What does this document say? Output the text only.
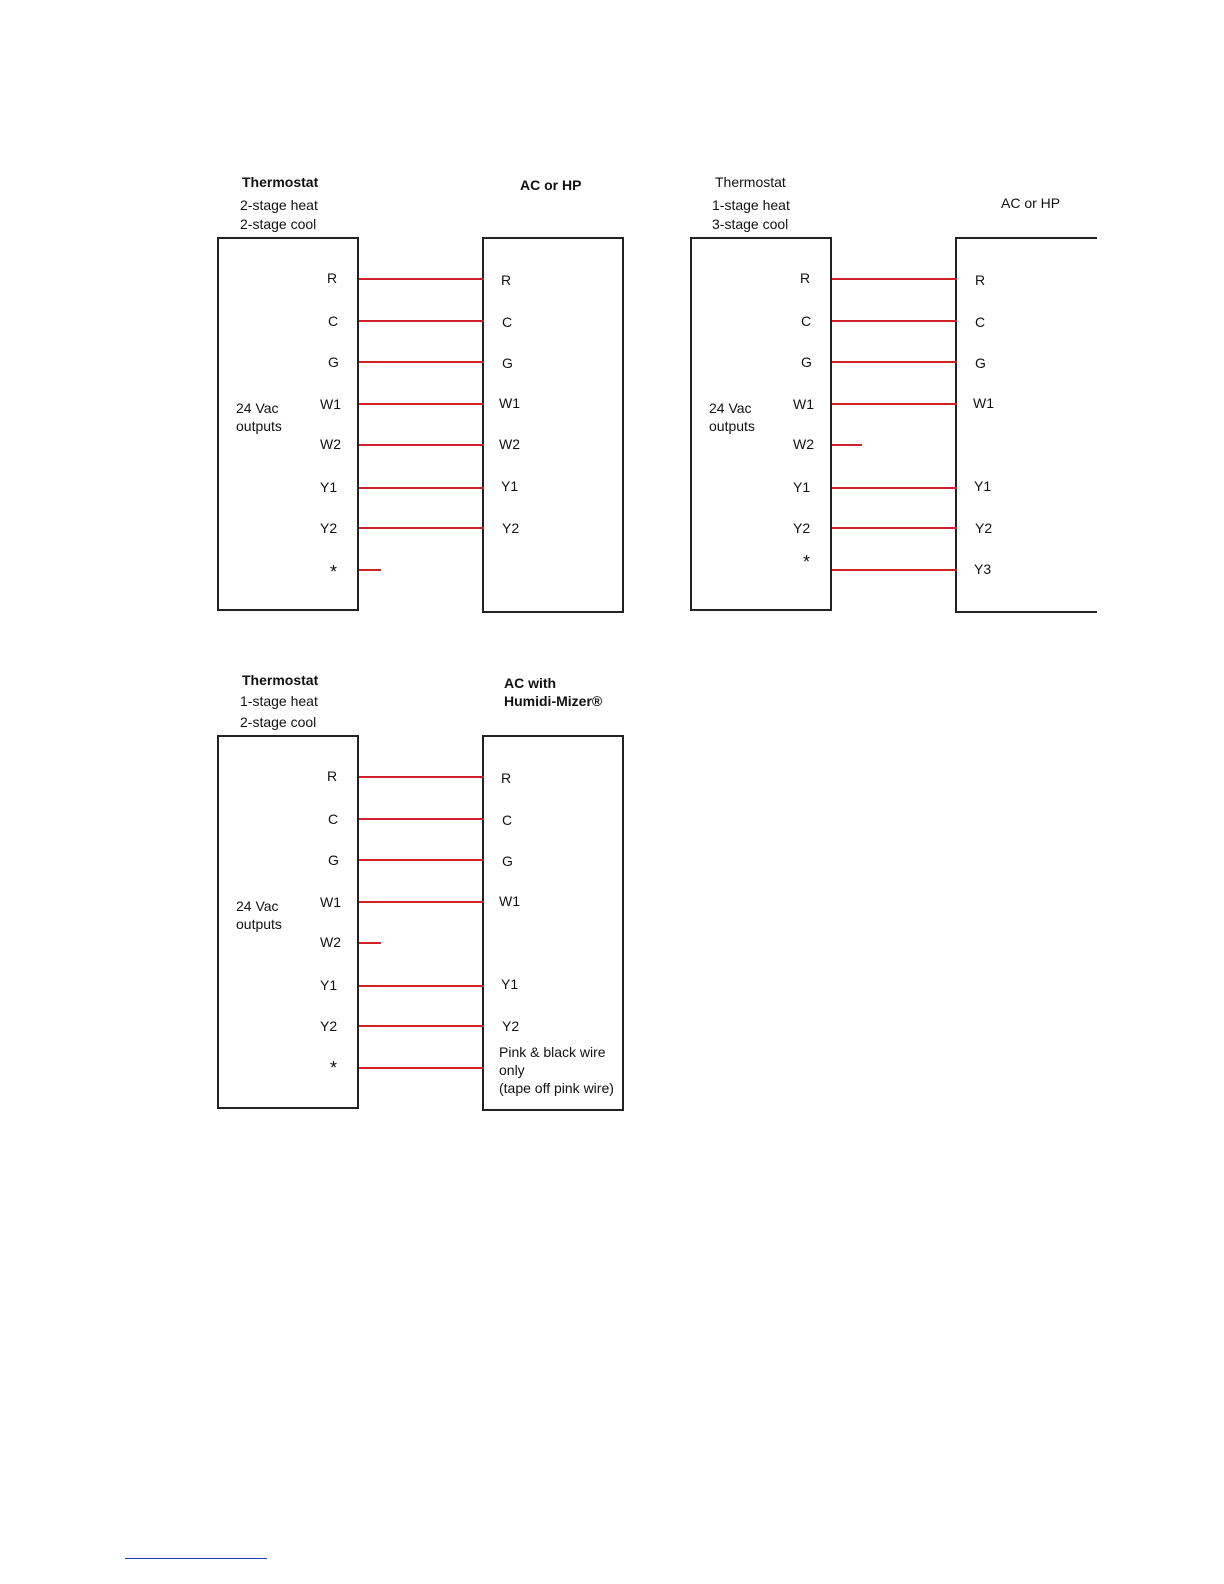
Thermostat
2-stage heat
2-stage cool
AC or HP
24 Vac
outputs
R
C
G
W1
W2
Y1
Y2
*
R
C
G
W1
W2
Y1
Y2
Thermostat
1-stage heat
3-stage cool
AC or HP
24 Vac
outputs
R
C
G
W1
W2
Y1
Y2
*
R
C
G
W1
Y1
Y2
Y3
Thermostat
1-stage heat
2-stage cool
AC with
Humidi-Mizer®
24 Vac
outputs
R
C
G
W1
W2
Y1
Y2
*
R
C
G
W1
Y1
Y2
Pink & black wire
only
(tape off pink wire)
